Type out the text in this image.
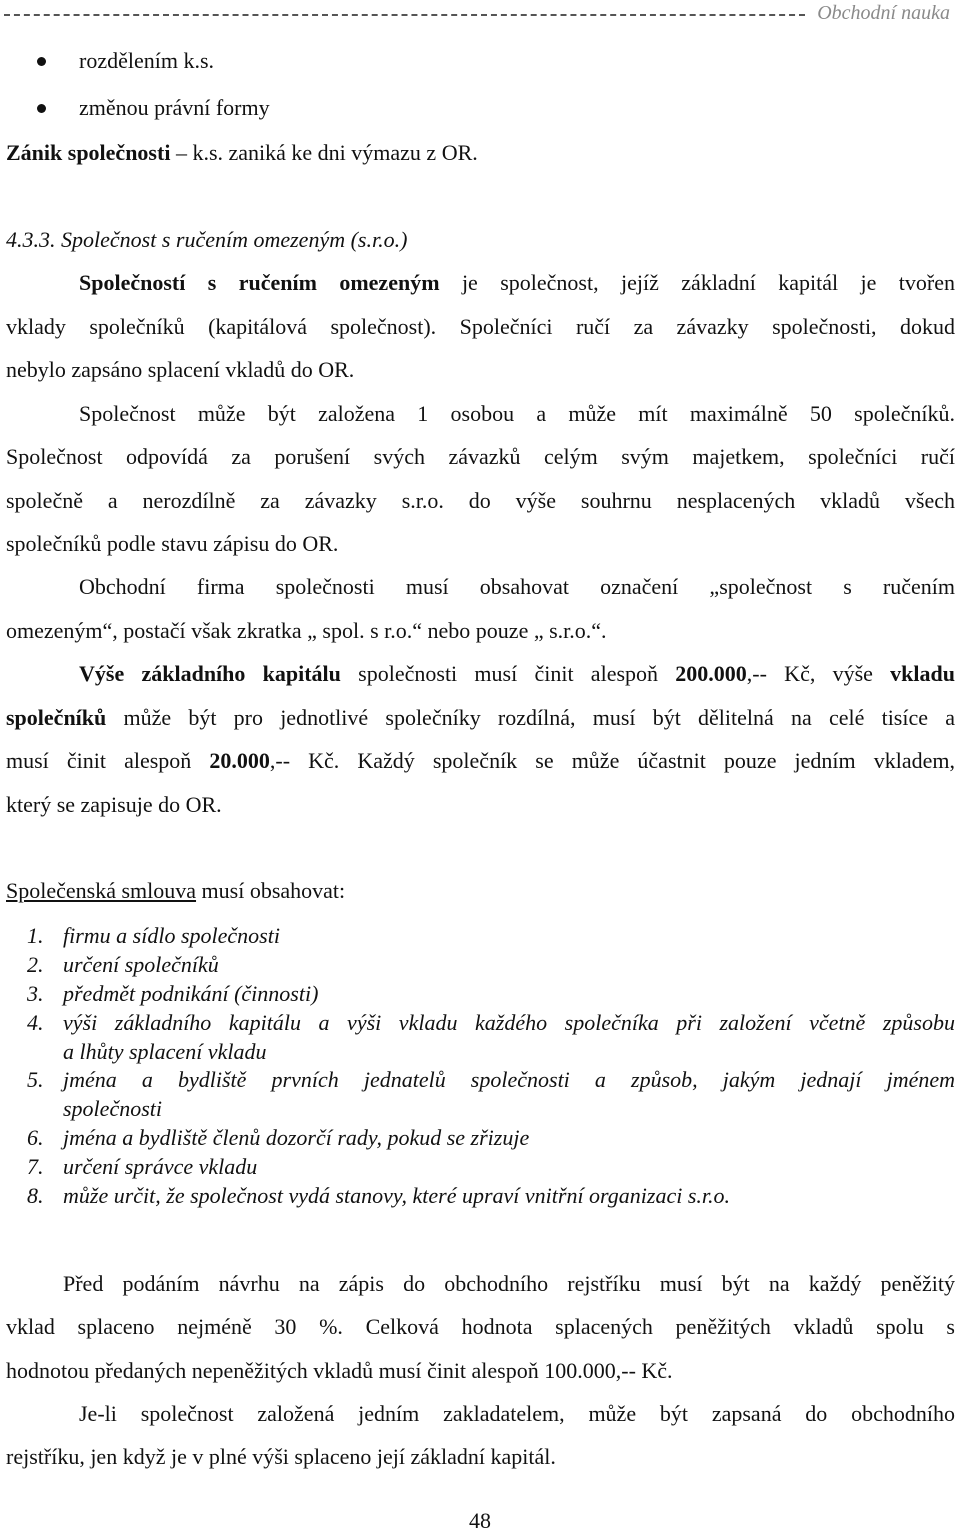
Obchodní nauka
rozdělením k.s.
změnou právní formy
Zánik společnosti – k.s. zaniká ke dni výmazu z OR.
4.3.3. Společnost s ručením omezeným (s.r.o.)
Společností s ručením omezeným je společnost, jejíž základní kapitál je tvořen
vklady společníků (kapitálová společnost). Společníci ručí za závazky společnosti, dokud
nebylo zapsáno splacení vkladů do OR.
Společnost může být založena 1 osobou a může mít maximálně 50 společníků.
Společnost odpovídá za porušení svých závazků celým svým majetkem, společníci ručí
společně a nerozdílně za závazky s.r.o. do výše souhrnu nesplacených vkladů všech
společníků podle stavu zápisu do OR.
Obchodní firma společnosti musí obsahovat označení „společnost s ručením
omezeným“, postačí však zkratka „ spol. s r.o.“ nebo pouze „ s.r.o.“.
Výše základního kapitálu společnosti musí činit alespoň 200.000,-- Kč, výše vkladu
společníků může být pro jednotlivé společníky rozdílná, musí být dělitelná na celé tisíce a
musí činit alespoň 20.000,-- Kč. Každý společník se může účastnit pouze jedním vkladem,
který se zapisuje do OR.
Společenská smlouva musí obsahovat:
1. firmu a sídlo společnosti
2. určení společníků
3. předmět podnikání (činnosti)
4. výši základního kapitálu a výši vkladu každého společníka při založení včetně způsobu
a lhůty splacení vkladu
5. jména a bydliště prvních jednatelů společnosti a způsob, jakým jednají jménem
společnosti
6. jména a bydliště členů dozorčí rady, pokud se zřizuje
7. určení správce vkladu
8. může určit, že společnost vydá stanovy, které upraví vnitřní organizaci s.r.o.
Před podáním návrhu na zápis do obchodního rejstříku musí být na každý peněžitý
vklad splaceno nejméně 30 %. Celková hodnota splacených peněžitých vkladů spolu s
hodnotou předaných nepeněžitých vkladů musí činit alespoň 100.000,-- Kč.
Je-li společnost založená jedním zakladatelem, může být zapsaná do obchodního
rejstříku, jen když je v plné výši splaceno její základní kapitál.
48
